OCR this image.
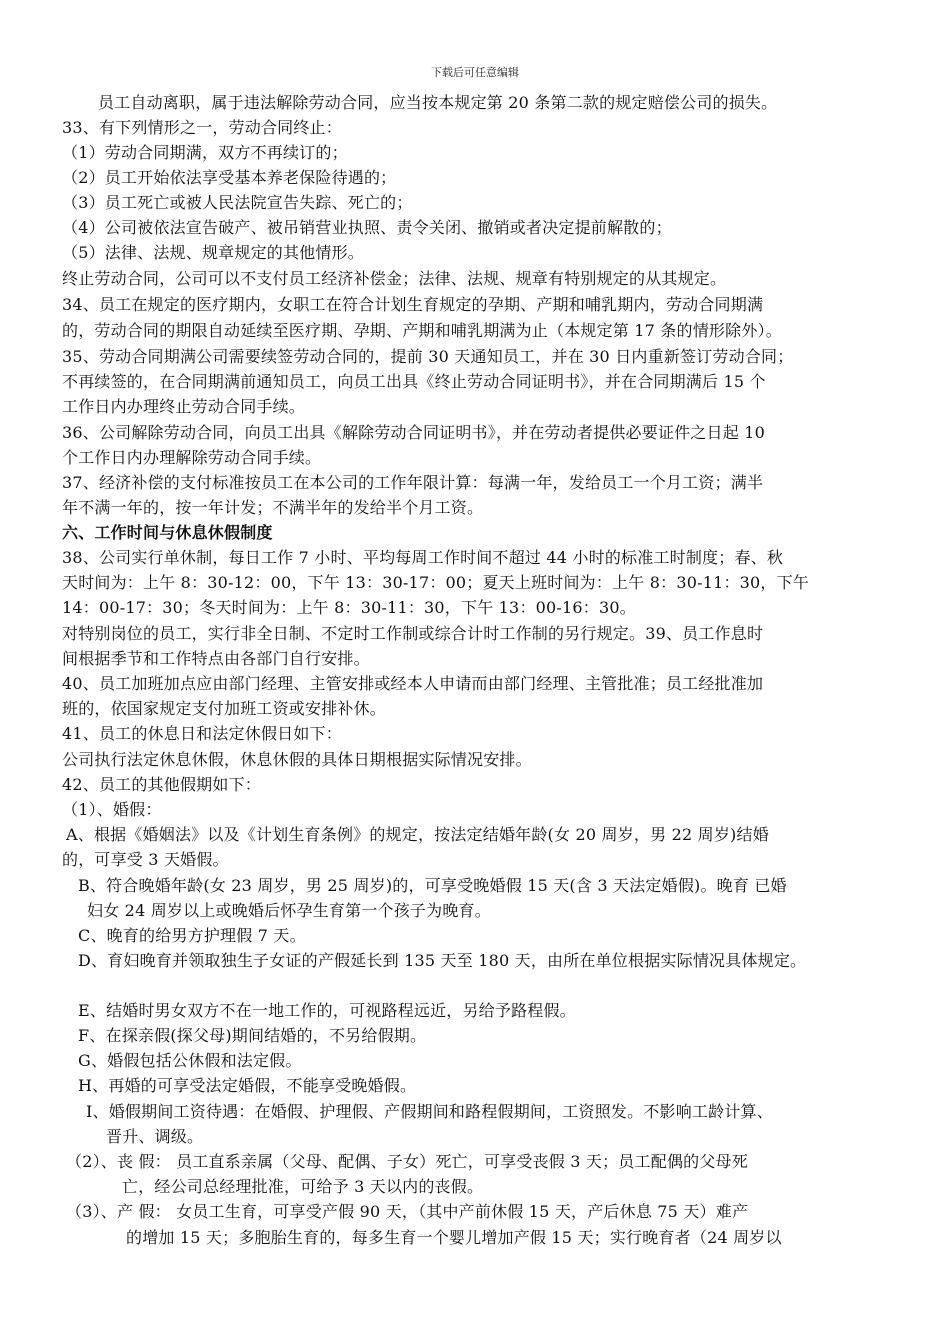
下载后可任意编辑
员工自动离职，属于违法解除劳动合同，应当按本规定第 20 条第二款的规定赔偿公司的损失。
33、有下列情形之一，劳动合同终止：
（1）劳动合同期满，双方不再续订的；
（2）员工开始依法享受基本养老保险待遇的；
（3）员工死亡或被人民法院宣告失踪、死亡的；
（4）公司被依法宣告破产、被吊销营业执照、责令关闭、撤销或者决定提前解散的；
（5）法律、法规、规章规定的其他情形。
终止劳动合同，公司可以不支付员工经济补偿金；法律、法规、规章有特别规定的从其规定。
34、员工在规定的医疗期内，女职工在符合计划生育规定的孕期、产期和哺乳期内，劳动合同期满
的，劳动合同的期限自动延续至医疗期、孕期、产期和哺乳期满为止（本规定第 17 条的情形除外）。
35、劳动合同期满公司需要续签劳动合同的，提前 30 天通知员工，并在 30 日内重新签订劳动合同；
不再续签的，在合同期满前通知员工，向员工出具《终止劳动合同证明书》，并在合同期满后 15 个
工作日内办理终止劳动合同手续。
36、公司解除劳动合同，向员工出具《解除劳动合同证明书》，并在劳动者提供必要证件之日起 10
个工作日内办理解除劳动合同手续。
37、经济补偿的支付标准按员工在本公司的工作年限计算：每满一年，发给员工一个月工资；满半
年不满一年的，按一年计发；不满半年的发给半个月工资。
六、工作时间与休息休假制度
38、公司实行单休制，每日工作 7 小时、平均每周工作时间不超过 44 小时的标准工时制度；春、秋
天时间为：上午 8：30-12：00，下午 13：30-17：00；夏天上班时间为：上午 8：30-11：30，下午
14：00-17：30；冬天时间为：上午 8：30-11：30，下午 13：00-16：30。
对特别岗位的员工，实行非全日制、不定时工作制或综合计时工作制的另行规定。39、员工作息时
间根据季节和工作特点由各部门自行安排。
40、员工加班加点应由部门经理、主管安排或经本人申请而由部门经理、主管批准；员工经批准加
班的，依国家规定支付加班工资或安排补休。
41、员工的休息日和法定休假日如下：
公司执行法定休息休假，休息休假的具体日期根据实际情况安排。
42、员工的其他假期如下：
（1）、婚假：
A、根据《婚姻法》以及《计划生育条例》的规定，按法定结婚年龄(女 20 周岁，男 22 周岁)结婚
的，可享受 3 天婚假。
B、符合晚婚年龄(女 23 周岁，男 25 周岁)的，可享受晚婚假 15 天(含 3 天法定婚假)。晚育 已婚
妇女 24 周岁以上或晚婚后怀孕生育第一个孩子为晚育。
C、晚育的给男方护理假 7 天。
D、育妇晚育并领取独生子女证的产假延长到 135 天至 180 天，由所在单位根据实际情况具体规定。
E、结婚时男女双方不在一地工作的，可视路程远近，另给予路程假。
F、在探亲假(探父母)期间结婚的，不另给假期。
G、婚假包括公休假和法定假。
H、再婚的可享受法定婚假，不能享受晚婚假。
I、婚假期间工资待遇：在婚假、护理假、产假期间和路程假期间，工资照发。不影响工龄计算、
晋升、调级。
（2）、丧 假： 员工直系亲属（父母、配偶、子女）死亡，可享受丧假 3 天；员工配偶的父母死
亡，经公司总经理批准，可给予 3 天以内的丧假。
（3）、产 假： 女员工生育，可享受产假 90 天，（其中产前休假 15 天，产后休息 75 天）难产
的增加 15 天；多胞胎生育的，每多生育一个婴儿增加产假 15 天；实行晚育者（24 周岁以
